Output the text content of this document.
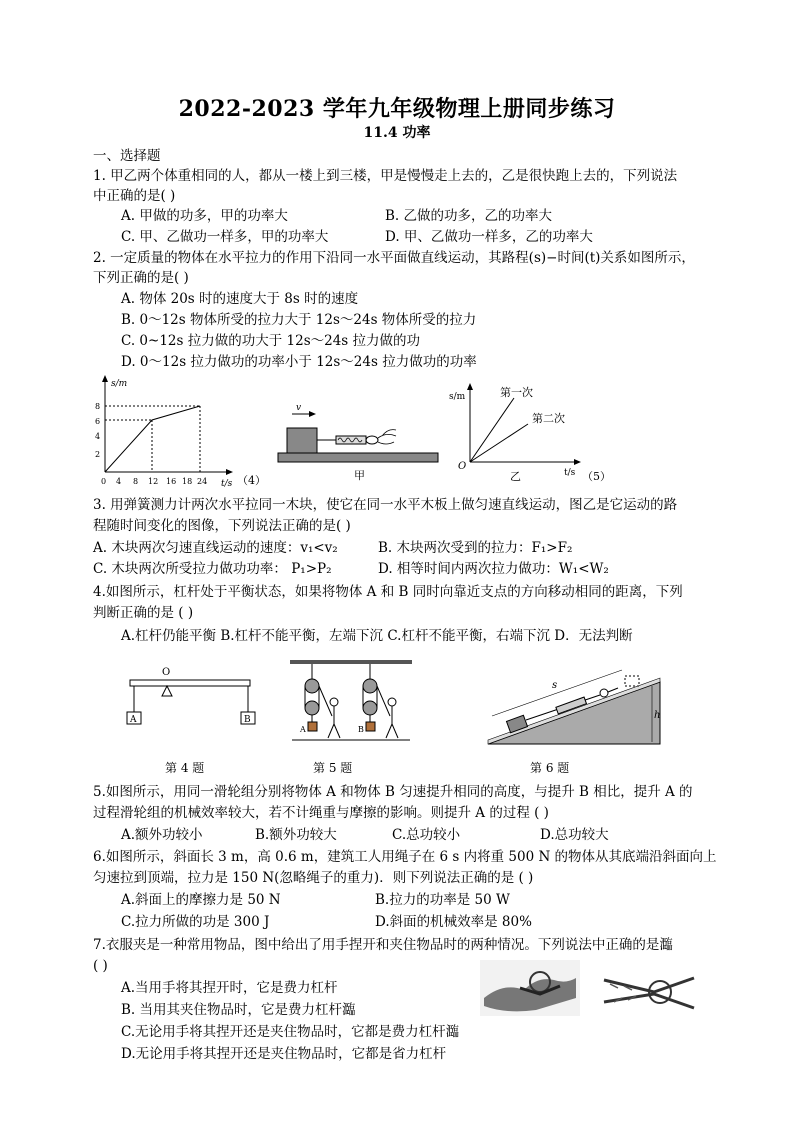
2022-2023 学年九年级物理上册同步练习
11.4 功率
一、选择题
1. 甲乙两个体重相同的人，都从一楼上到三楼，甲是慢慢走上去的，乙是很快跑上去的，下列说法
中正确的是( )
A. 甲做的功多，甲的功率大	B. 乙做的功多，乙的功率大
C. 甲、乙做功一样多，甲的功率大	D. 甲、乙做功一样多，乙的功率大
2. 一定质量的物体在水平拉力的作用下沿同一水平面做直线运动，其路程(s)−时间(t)关系如图所示，
下列正确的是( )
A. 物体 20s 时的速度大于 8s 时的速度
B. 0～12s 物体所受的拉力大于 12s～24s 物体所受的拉力
C. 0~12s 拉力做的功大于 12s～24s 拉力做的功
D. 0～12s 拉力做功的功率小于 12s～24s 拉力做功的功率
s/m
t/s
0
2
4
6
8
4 8 12 16 18 24	（4）
v
甲
s/m
t/s
O
第一次
第二次
乙	（5）
3. 用弹簧测力计两次水平拉同一木块，使它在同一水平木板上做匀速直线运动，图乙是它运动的路
程随时间变化的图像，下列说法正确的是( )
A. 木块两次匀速直线运动的速度：v₁<v₂	B. 木块两次受到的拉力：F₁>F₂
C. 木块两次所受拉力做功功率： P₁>P₂	D. 相等时间内两次拉力做功：W₁<W₂
4.如图所示，杠杆处于平衡状态，如果将物体 A 和 B 同时向靠近支点的方向移动相同的距离，下列
判断正确的是 ( )
A.杠杆仍能平衡 B.杠杆不能平衡，左端下沉 C.杠杆不能平衡，右端下沉 D．无法判断
O
A	B
第 4 题
A	B
第 5 题
s
h
第 6 题
5.如图所示，用同一滑轮组分别将物体 A 和物体 B 匀速提升相同的高度，与提升 B 相比，提升 A 的
过程滑轮组的机械效率较大，若不计绳重与摩擦的影响。则提升 A 的过程 ( )
A.额外功较小	B.额外功较大	C.总功较小	D.总功较大
6.如图所示，斜面长 3 m，高 0.6 m，建筑工人用绳子在 6 s 内将重 500 N 的物体从其底端沿斜面向上
匀速拉到顶端，拉力是 150 N(忽略绳子的重力)．则下列说法正确的是 ( )
A.斜面上的摩擦力是 50 N	B.拉力的功率是 50 W
C.拉力所做的功是 300 J	D.斜面的机械效率是 80%
7.衣服夹是一种常用物品，图中给出了用手捏开和夹住物品时的两种情况。下列说法中正确的是瀶
( )
A.当用手将其捏开时，它是费力杠杆
B. 当用其夹住物品时，它是费力杠杆瀶
C.无论用手将其捏开还是夹住物品时，它都是费力杠杆瀶
D.无论用手将其捏开还是夹住物品时，它都是省力杠杆
